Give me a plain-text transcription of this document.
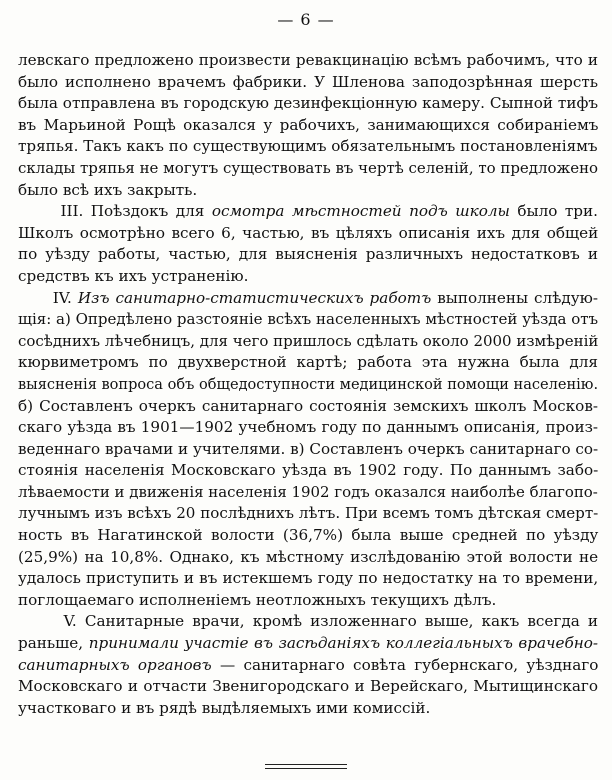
— 6 —
левскаго предложено произвести ревакцинацію всѣмъ рабочимъ, что и
было исполнено врачемъ фабрики. У Шленова заподозрѣнная шерсть
была отправлена въ городскую дезинфекціонную камеру. Сыпной тифъ
въ Марьиной Рощѣ оказался у рабочихъ, занимающихся собираніемъ
тряпья. Такъ какъ по существующимъ обязательнымъ постановленіямъ
склады тряпья не могутъ существовать въ чертѣ селеній, то предложено
было всѣ ихъ закрыть.
III. Поѣздокъ для осмотра мѣстностей подъ школы было три.
Школъ осмотрѣно всего 6, частью, въ цѣляхъ описанія ихъ для общей
по уѣзду работы, частью, для выясненія различныхъ недостатковъ и
средствъ къ ихъ устраненію.
IV. Изъ санитарно-статистическихъ работъ выполнены слѣдую-
щія: а) Опредѣлено разстояніе всѣхъ населенныхъ мѣстностей уѣзда отъ
сосѣднихъ лѣчебницъ, для чего пришлось сдѣлать около 2000 измѣреній
кюрвиметромъ по двухверстной картѣ; работа эта нужна была для
выясненія вопроса объ общедоступности медицинской помощи населенію.
б) Составленъ очеркъ санитарнаго состоянія земскихъ школъ Москов-
скаго уѣзда въ 1901—1902 учебномъ году по даннымъ описанія, произ-
веденнаго врачами и учителями. в) Составленъ очеркъ санитарнаго со-
стоянія населенія Московскаго уѣзда въ 1902 году. По даннымъ забо-
лѣваемости и движенія населенія 1902 годъ оказался наиболѣе благопо-
лучнымъ изъ всѣхъ 20 послѣднихъ лѣтъ. При всемъ томъ дѣтская смерт-
ность въ Нагатинской волости (36,7%) была выше средней по уѣзду
(25,9%) на 10,8%. Однако, къ мѣстному изслѣдованію этой волости не
удалось приступить и въ истекшемъ году по недостатку на то времени,
поглощаемаго исполненіемъ неотложныхъ текущихъ дѣлъ.
V. Санитарные врачи, кромѣ изложеннаго выше, какъ всегда и
раньше, принимали участіе въ засѣданіяхъ коллегіальныхъ врачебно-
санитарныхъ органовъ — санитарнаго совѣта губернскаго, уѣзднаго
Московскаго и отчасти Звенигородскаго и Верейскаго, Мытищинскаго
участковаго и въ рядѣ выдѣляемыхъ ими комиссій.
